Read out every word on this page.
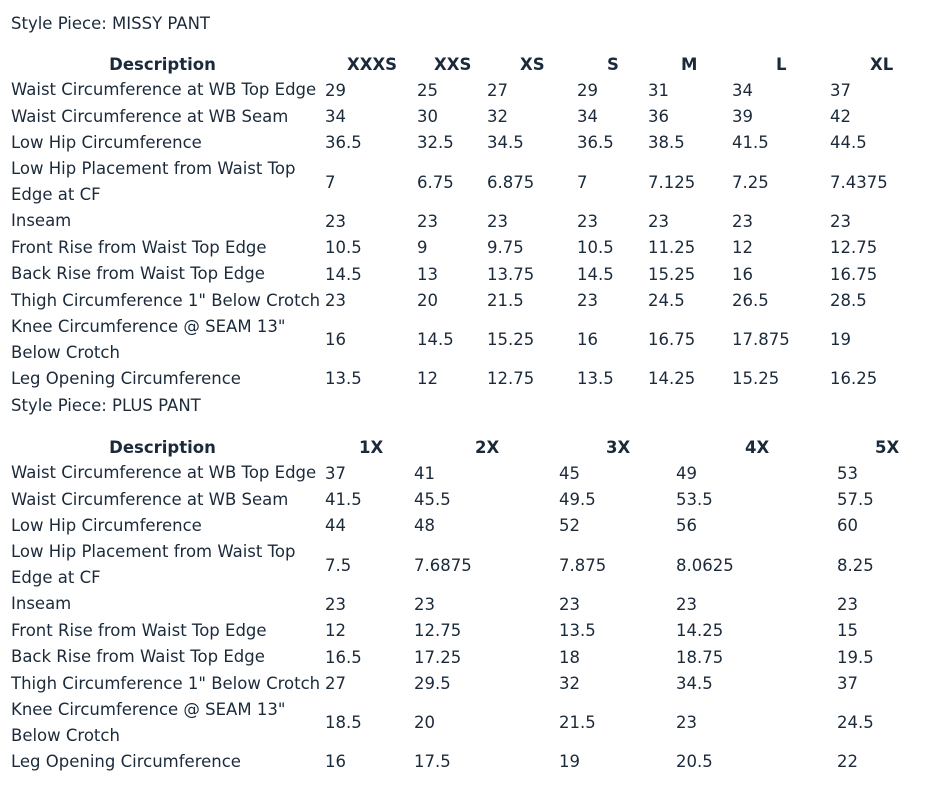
Style Piece: MISSY PANT
Description	XXXS	XXS	XS	S	M	L	XL
Waist Circumference at WB Top Edge	29	25	27	29	31	34	37
Waist Circumference at WB Seam	34	30	32	34	36	39	42
Low Hip Circumference	36.5	32.5	34.5	36.5	38.5	41.5	44.5
Low Hip Placement from Waist Top Edge at CF	7	6.75	6.875	7	7.125	7.25	7.4375
Inseam	23	23	23	23	23	23	23
Front Rise from Waist Top Edge	10.5	9	9.75	10.5	11.25	12	12.75
Back Rise from Waist Top Edge	14.5	13	13.75	14.5	15.25	16	16.75
Thigh Circumference 1" Below Crotch	23	20	21.5	23	24.5	26.5	28.5
Knee Circumference @ SEAM 13" Below Crotch	16	14.5	15.25	16	16.75	17.875	19
Leg Opening Circumference	13.5	12	12.75	13.5	14.25	15.25	16.25
Style Piece: PLUS PANT
Description	1X	2X	3X	4X	5X
Waist Circumference at WB Top Edge	37	41	45	49	53
Waist Circumference at WB Seam	41.5	45.5	49.5	53.5	57.5
Low Hip Circumference	44	48	52	56	60
Low Hip Placement from Waist Top Edge at CF	7.5	7.6875	7.875	8.0625	8.25
Inseam	23	23	23	23	23
Front Rise from Waist Top Edge	12	12.75	13.5	14.25	15
Back Rise from Waist Top Edge	16.5	17.25	18	18.75	19.5
Thigh Circumference 1" Below Crotch	27	29.5	32	34.5	37
Knee Circumference @ SEAM 13" Below Crotch	18.5	20	21.5	23	24.5
Leg Opening Circumference	16	17.5	19	20.5	22
